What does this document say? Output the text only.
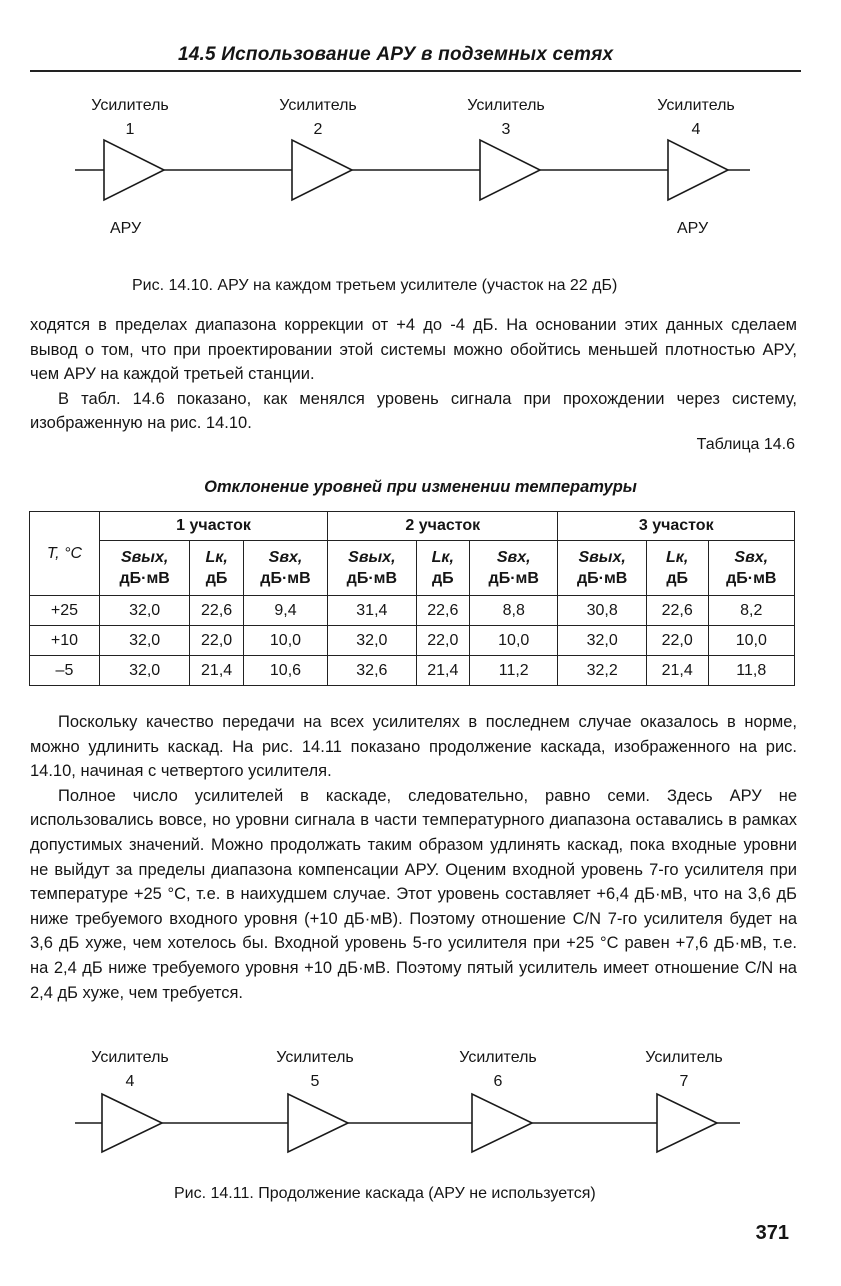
14.5 Использование АРУ в подземных сетях
Усилитель
1
Усилитель
2
Усилитель
3
Усилитель
4
АРУ	АРУ
Рис. 14.10. АРУ на каждом третьем усилителе (участок на 22 дБ)

ходятся в пределах диапазона коррекции от +4 до -4 дБ. На основании этих данных сделаем вывод о том, что при проектировании этой системы можно обойтись меньшей плотностью АРУ, чем АРУ на каждой третьей станции.

В табл. 14.6 показано, как менялся уровень сигнала при прохождении через систему, изображенную на рис. 14.10.

Таблица 14.6
Отклонение уровней при изменении температуры
T, °С	1 участок			2 участок			3 участок		
	Sвых,
дБ·мВ	Lк,
дБ	Sвх,
дБ·мВ	Sвых,
дБ·мВ	Lк,
дБ	Sвх,
дБ·мВ	Sвых,
дБ·мВ	Lк,
дБ	Sвх,
дБ·мВ
+25	32,0	22,6	9,4	31,4	22,6	8,8	30,8	22,6	8,2
+10	32,0	22,0	10,0	32,0	22,0	10,0	32,0	22,0	10,0
–5	32,0	21,4	10,6	32,6	21,4	11,2	32,2	21,4	11,8

Поскольку качество передачи на всех усилителях в последнем случае оказалось в норме, можно удлинить каскад. На рис. 14.11 показано продолжение каскада, изображенного на рис. 14.10, начиная с четвертого усилителя.

Полное число усилителей в каскаде, следовательно, равно семи. Здесь АРУ не использовались вовсе, но уровни сигнала в части температурного диапазона оставались в рамках допустимых значений. Можно продолжать таким образом удлинять каскад, пока входные уровни не выйдут за пределы диапазона компенсации АРУ. Оценим входной уровень 7-го усилителя при температуре +25 °С, т.е. в наихудшем случае. Этот уровень составляет +6,4 дБ·мВ, что на 3,6 дБ ниже требуемого входного уровня (+10 дБ·мВ). Поэтому отношение C/N 7-го усилителя будет на 3,6 дБ хуже, чем хотелось бы. Входной уровень 5-го усилителя при +25 °С равен +7,6 дБ·мВ, т.е. на 2,4 дБ ниже требуемого уровня +10 дБ·мВ. Поэтому пятый усилитель имеет отношение C/N на 2,4 дБ хуже, чем требуется.

Усилитель
4
Усилитель
5
Усилитель
6
Усилитель
7
Рис. 14.11. Продолжение каскада (АРУ не используется)
371
